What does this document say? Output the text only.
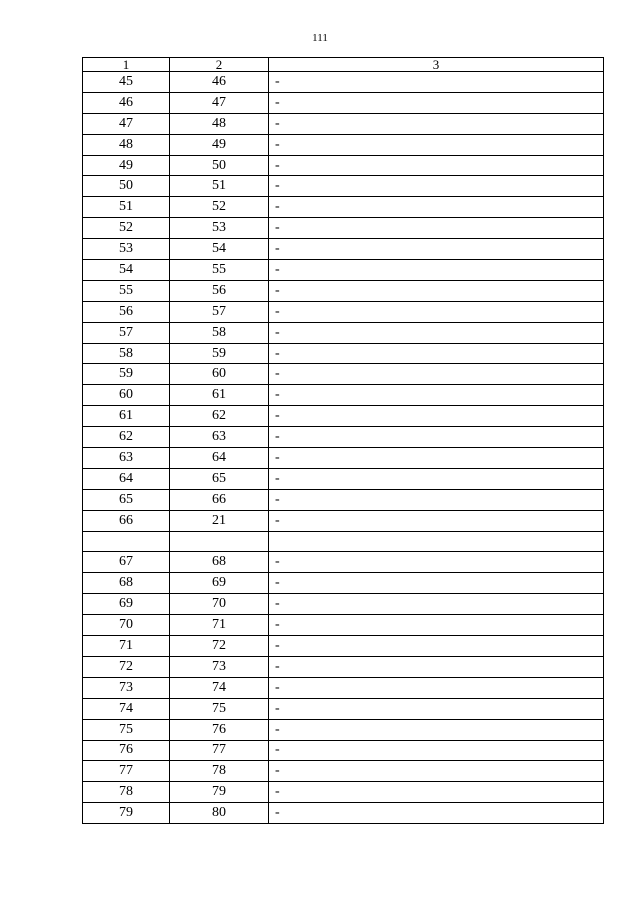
111
1	2	3
45	46	-
46	47	-
47	48	-
48	49	-
49	50	-
50	51	-
51	52	-
52	53	-
53	54	-
54	55	-
55	56	-
56	57	-
57	58	-
58	59	-
59	60	-
60	61	-
61	62	-
62	63	-
63	64	-
64	65	-
65	66	-
66	21	-

67	68	-
68	69	-
69	70	-
70	71	-
71	72	-
72	73	-
73	74	-
74	75	-
75	76	-
76	77	-
77	78	-
78	79	-
79	80	-
